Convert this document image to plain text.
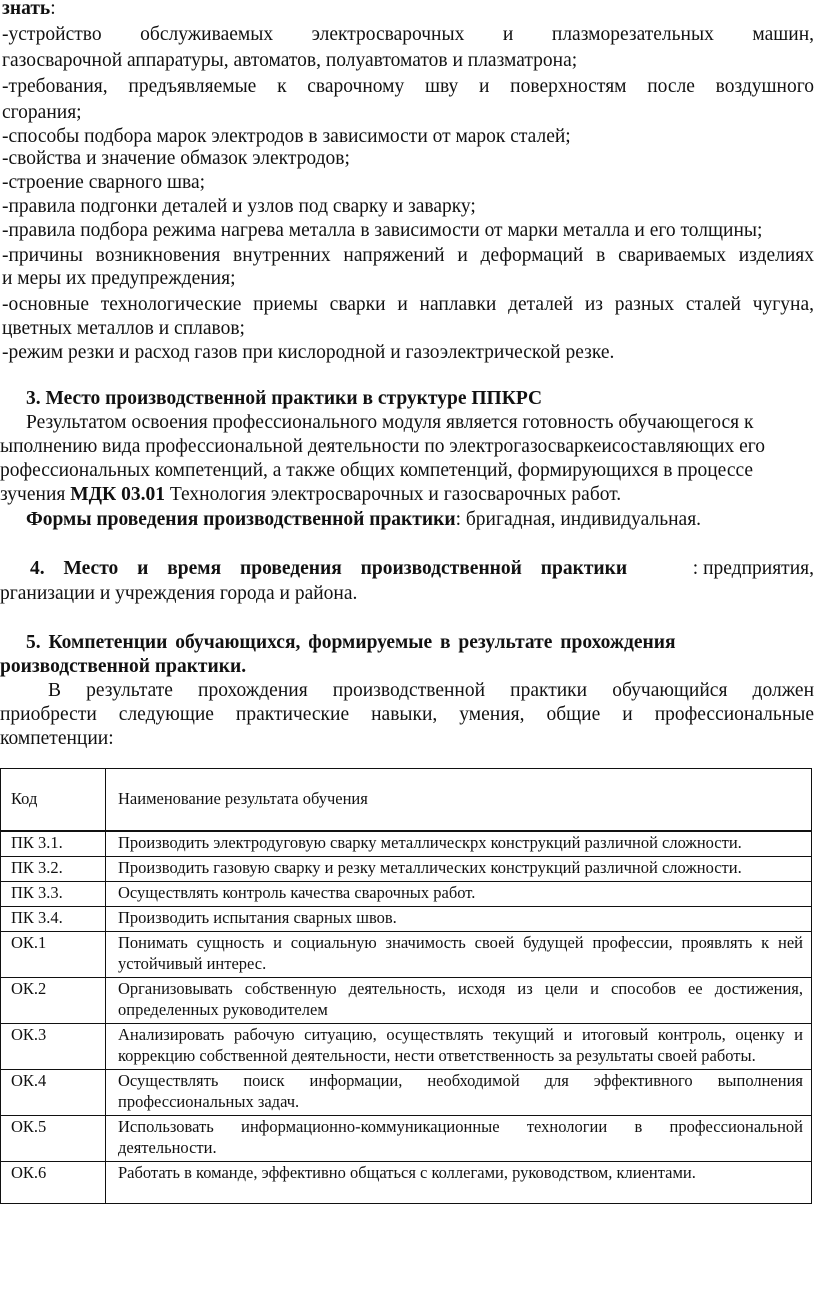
знать:
-устройство обслуживаемых электросварочных и плазморезательных машин,
газосварочной аппаратуры, автоматов, полуавтоматов и плазматрона;
-требования, предъявляемые к сварочному шву и поверхностям после воздушного
сгорания;
-способы подбора марок электродов в зависимости от марок сталей;
-свойства и значение обмазок электродов;
-строение сварного шва;
-правила подгонки деталей и узлов под сварку и заварку;
-правила подбора режима нагрева металла в зависимости от марки металла и его толщины;
-причины возникновения внутренних напряжений и деформаций в свариваемых изделиях
и меры их предупреждения;
-основные технологические приемы сварки и наплавки деталей из разных сталей чугуна,
цветных металлов и сплавов;
-режим резки и расход газов при кислородной и газоэлектрической резке.
3. Место производственной практики в структуре ППКРС
Результатом освоения профессионального модуля является готовность обучающегося к
ыполнению вида профессиональной деятельности по электрогазосваркеисоставляющих его
рофессиональных компетенций, а также общих компетенций, формирующихся в процессе
зучения МДК 03.01 Технология электросварочных и газосварочных работ.
Формы проведения производственной практики: бригадная, индивидуальная.
4. Место и время проведения производственной практики	: предприятия,
рганизации и учреждения города и района.
5. Компетенции обучающихся, формируемые в результате прохождения
роизводственной практики.
В результате прохождения производственной практики обучающийся должен
приобрести следующие практические навыки, умения, общие и профессиональные
компетенции:
Код	Наименование результата обучения
ПК 3.1.	Производить электродуговую сварку металлическрх конструкций различной сложности.
ПК 3.2.	Производить газовую сварку и резку металлических конструкций различной сложности.
ПК 3.3.	Осуществлять контроль качества сварочных работ.
ПК 3.4.	Производить испытания сварных швов.
ОК.1	Понимать сущность и социальную значимость своей будущей профессии, проявлять к ней устойчивый интерес.
ОК.2	Организовывать собственную деятельность, исходя из цели и способов ее достижения, определенных руководителем
ОК.3	Анализировать рабочую ситуацию, осуществлять текущий и итоговый контроль, оценку и коррекцию собственной деятельности, нести ответственность за результаты своей работы.
ОК.4	Осуществлять поиск информации, необходимой для эффективного выполнения профессиональных задач.
ОК.5	Использовать информационно-коммуникационные технологии в профессиональной деятельности.
ОК.6	Работать в команде, эффективно общаться с коллегами, руководством, клиентами.
